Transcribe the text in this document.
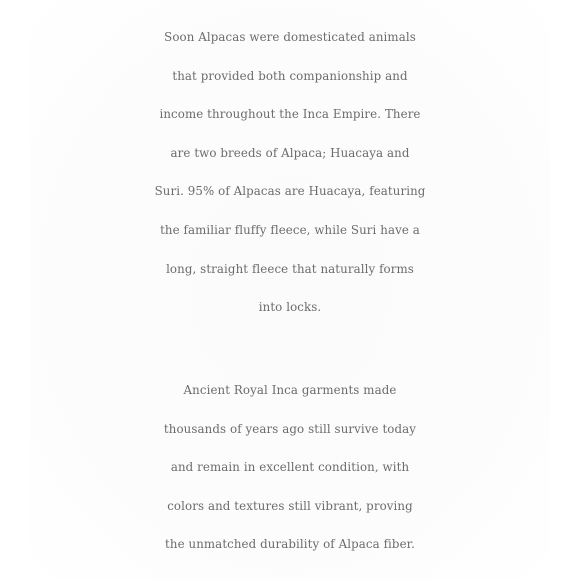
Soon Alpacas were domesticated animals
that provided both companionship and
income throughout the Inca Empire. There
are two breeds of Alpaca; Huacaya and
Suri. 95% of Alpacas are Huacaya, featuring
the familiar fluffy fleece, while Suri have a
long, straight fleece that naturally forms
into locks.

Ancient Royal Inca garments made
thousands of years ago still survive today
and remain in excellent condition, with
colors and textures still vibrant, proving
the unmatched durability of Alpaca fiber.
